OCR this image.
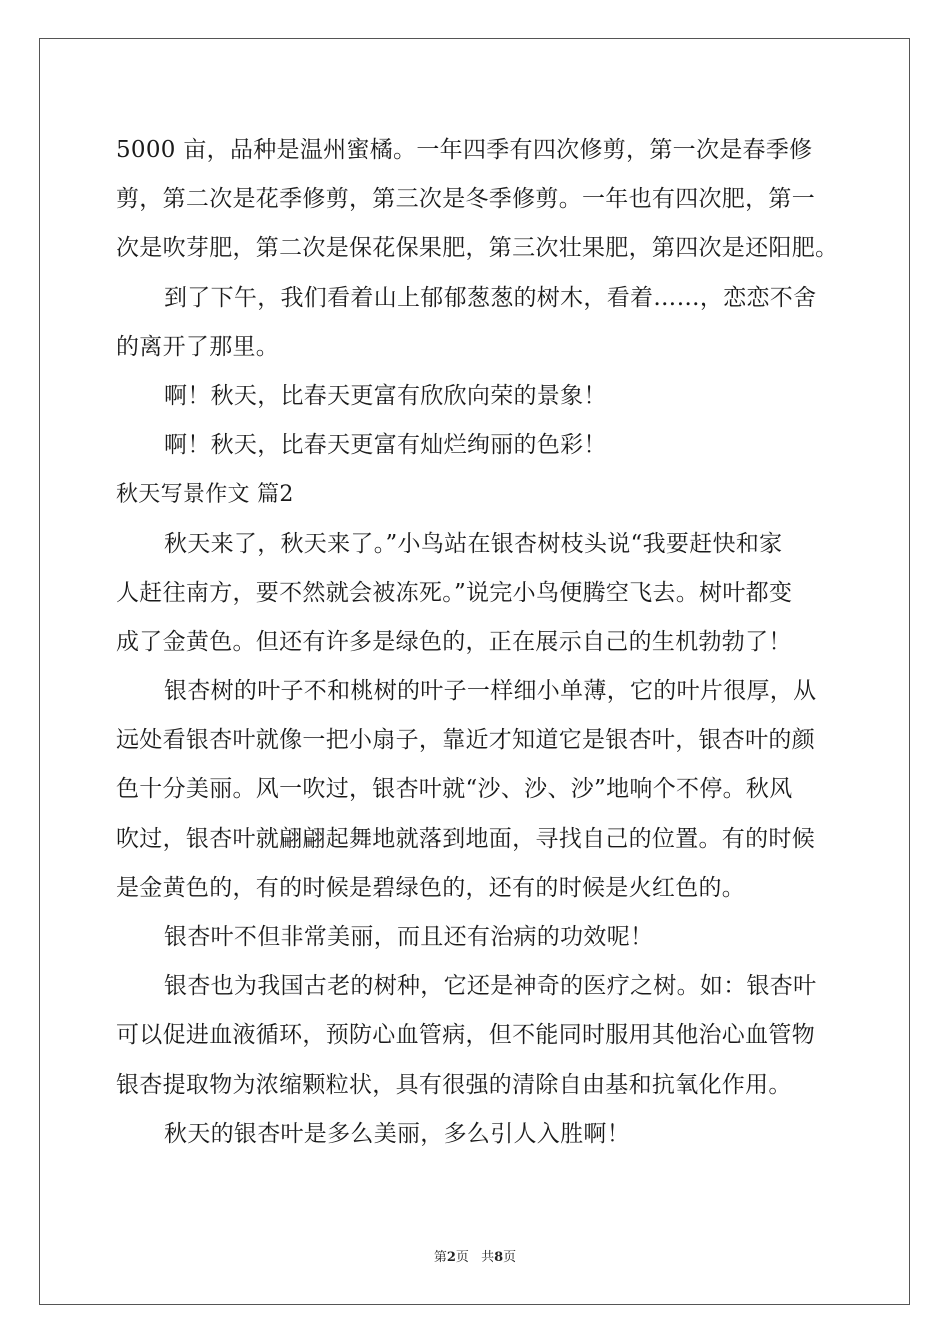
5000 亩，品种是温州蜜橘。一年四季有四次修剪，第一次是春季修
剪，第二次是花季修剪，第三次是冬季修剪。一年也有四次肥，第一
次是吹芽肥，第二次是保花保果肥，第三次壮果肥，第四次是还阳肥。
到了下午，我们看着山上郁郁葱葱的树木，看着……，恋恋不舍
的离开了那里。
啊！秋天，比春天更富有欣欣向荣的景象！
啊！秋天，比春天更富有灿烂绚丽的色彩！
秋天写景作文 篇2
秋天来了，秋天来了。”小鸟站在银杏树枝头说“我要赶快和家
人赶往南方，要不然就会被冻死。”说完小鸟便腾空飞去。树叶都变
成了金黄色。但还有许多是绿色的，正在展示自己的生机勃勃了！
银杏树的叶子不和桃树的叶子一样细小单薄，它的叶片很厚，从
远处看银杏叶就像一把小扇子，靠近才知道它是银杏叶，银杏叶的颜
色十分美丽。风一吹过，银杏叶就“沙、沙、沙”地响个不停。秋风
吹过，银杏叶就翩翩起舞地就落到地面，寻找自己的位置。有的时候
是金黄色的，有的时候是碧绿色的，还有的时候是火红色的。
银杏叶不但非常美丽，而且还有治病的功效呢！
银杏也为我国古老的树种，它还是神奇的医疗之树。如：银杏叶
可以促进血液循环，预防心血管病，但不能同时服用其他治心血管物
银杏提取物为浓缩颗粒状，具有很强的清除自由基和抗氧化作用。
秋天的银杏叶是多么美丽，多么引人入胜啊！
第2页 共8页
